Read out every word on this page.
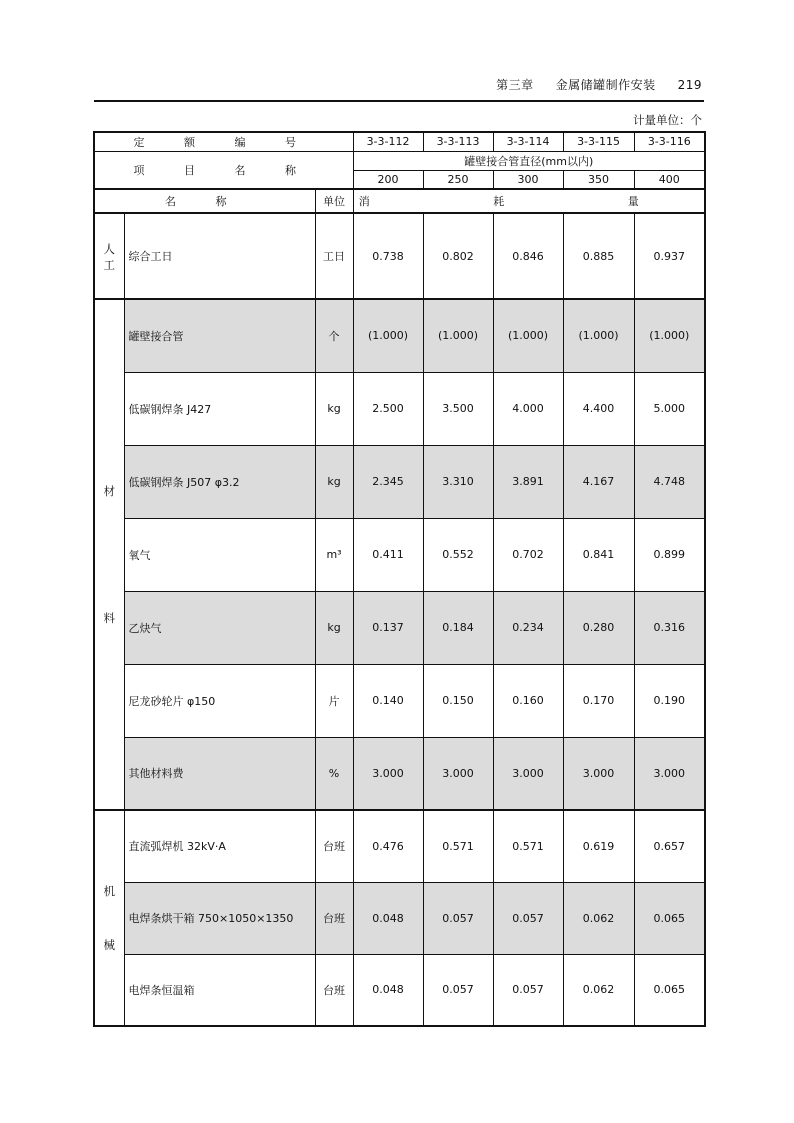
第三章 金属储罐制作安装 219
计量单位：个
定 额 编 号			3-3-112	3-3-113	3-3-114	3-3-115	3-3-116
项 目 名 称			罐壁接合管直径(mm以内)				
			200	250	300	350	400
名 称		单位	消 耗 量				

人
工	综合工日	工日	0.738	0.802	0.846	0.885	0.937

材
料	罐壁接合管	个	(1.000)	(1.000)	(1.000)	(1.000)	(1.000)
	低碳钢焊条 J427	kg	2.500	3.500	4.000	4.400	5.000
	低碳钢焊条 J507 φ3.2	kg	2.345	3.310	3.891	4.167	4.748
	氧气	m³	0.411	0.552	0.702	0.841	0.899
	乙炔气	kg	0.137	0.184	0.234	0.280	0.316
	尼龙砂轮片 φ150	片	0.140	0.150	0.160	0.170	0.190
	其他材料费	%	3.000	3.000	3.000	3.000	3.000

机
械	直流弧焊机 32kV·A	台班	0.476	0.571	0.571	0.619	0.657
	电焊条烘干箱 750×1050×1350	台班	0.048	0.057	0.057	0.062	0.065
	电焊条恒温箱	台班	0.048	0.057	0.057	0.062	0.065
